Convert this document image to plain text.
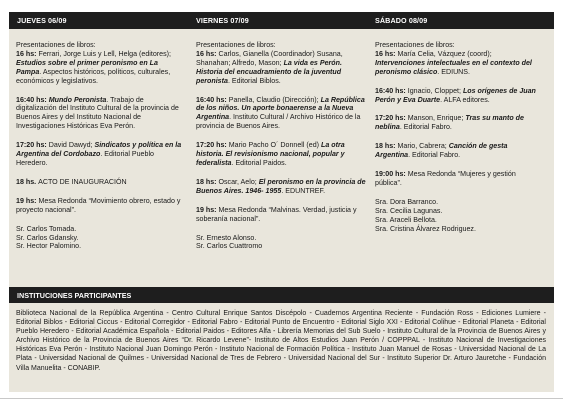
JUEVES 06/09	VIERNES 07/09	SÁBADO 08/09

Presentaciones de libros:
16 hs: Ferrari, Jorge Luis y Lell, Helga (editores); Estudios sobre el primer peronismo en La Pampa. Aspectos históricos, políticos, culturales, económicos y legislativos.

16:40 hs: Mundo Peronista. Trabajo de digitalización del Instituto Cultural de la provincia de Buenos Aires y del Instituto Nacional de Investigaciones Históricas Eva Perón.

17:20 hs: David Dawyd; Sindicatos y política en la Argentina del Cordobazo. Editorial Pueblo Heredero.

18 hs. ACTO DE INAUGURACIÓN

19 hs: Mesa Redonda “Movimiento obrero, estado y proyecto nacional”.

Sr. Carlos Tomada.
Sr. Carlos Gdansky.
Sr. Hector Palomino.

Presentaciones de libros:
16 hs: Carlos, Gianella (Coordinador) Susana, Shanahan; Alfredo, Mason; La vida es Perón. Historia del encuadramiento de la juventud peronista. Editorial Biblos.

16:40 hs: Panella, Claudio (Dirección); La República de los niños. Un aporte bonaerense a la Nueva Argentina. Instituto Cultural / Archivo Histórico de la provincia de Buenos Aires.

17:20 hs: Mario Pacho O´ Donnell (ed) La otra historia. El revisionismo nacional, popular y federalista. Editorial Paidos.

18 hs: Oscar, Aelo; El peronismo en la provincia de Buenos Aires. 1946- 1955. EDUNTREF.

19 hs: Mesa Redonda “Malvinas. Verdad, justicia y soberanía nacional”.

Sr. Ernesto Alonso.
Sr. Carlos Cuattromo

Presentaciones de libros:
16 hs: María Celia, Vázquez (coord); Intervenciones intelectuales en el contexto del peronismo clásico. EDIUNS.

16:40 hs: Ignacio, Cloppet; Los orígenes de Juan Perón y Eva Duarte. ALFA editores.

17:20 hs: Manson, Enrique; Tras su manto de neblina. Editorial Fabro.

18 hs: Mario, Cabrera; Canción de gesta Argentina. Editorial Fabro.

19:00 hs: Mesa Redonda “Mujeres y gestión pública”.

Sra. Dora Barranco.
Sra. Cecilia Lagunas.
Sra. Araceli Bellota.
Sra. Cristina Álvarez Rodriguez.

INSTITUCIONES PARTICIPANTES
Biblioteca Nacional de la República Argentina - Centro Cultural Enrique Santos Discépolo - Cuadernos Argentina Reciente - Fundación Ross - Ediciones Lumiere - Editorial Biblos - Editorial Ciccus - Editorial Corregidor - Editorial Fabro - Editorial Punto de Encuentro - Editorial Siglo XXI - Editorial Colihue - Editorial Planeta - Editorial Pueblo Heredero - Editorial Académica Española - Editorial Paidos - Editores Alfa - Librería Memorias del Sub Suelo - Instituto Cultural de la Provincia de Buenos Aires y Archivo Histórico de la Provincia de Buenos Aires “Dr. Ricardo Levene”- Instituto de Altos Estudios Juan Perón / COPPPAL - Instituto Nacional de Investigaciones Históricas Eva Perón - Instituto Nacional Juan Domingo Perón - Instituto Nacional de Formación Política - Instituto Juan Manuel de Rosas - Universidad Nacional de La Plata - Universidad Nacional de Quilmes - Universidad Nacional de Tres de Febrero - Universidad Nacional del Sur - Instituto Superior Dr. Arturo Jauretche - Fundación Villa Manuelita - CONABIP.
